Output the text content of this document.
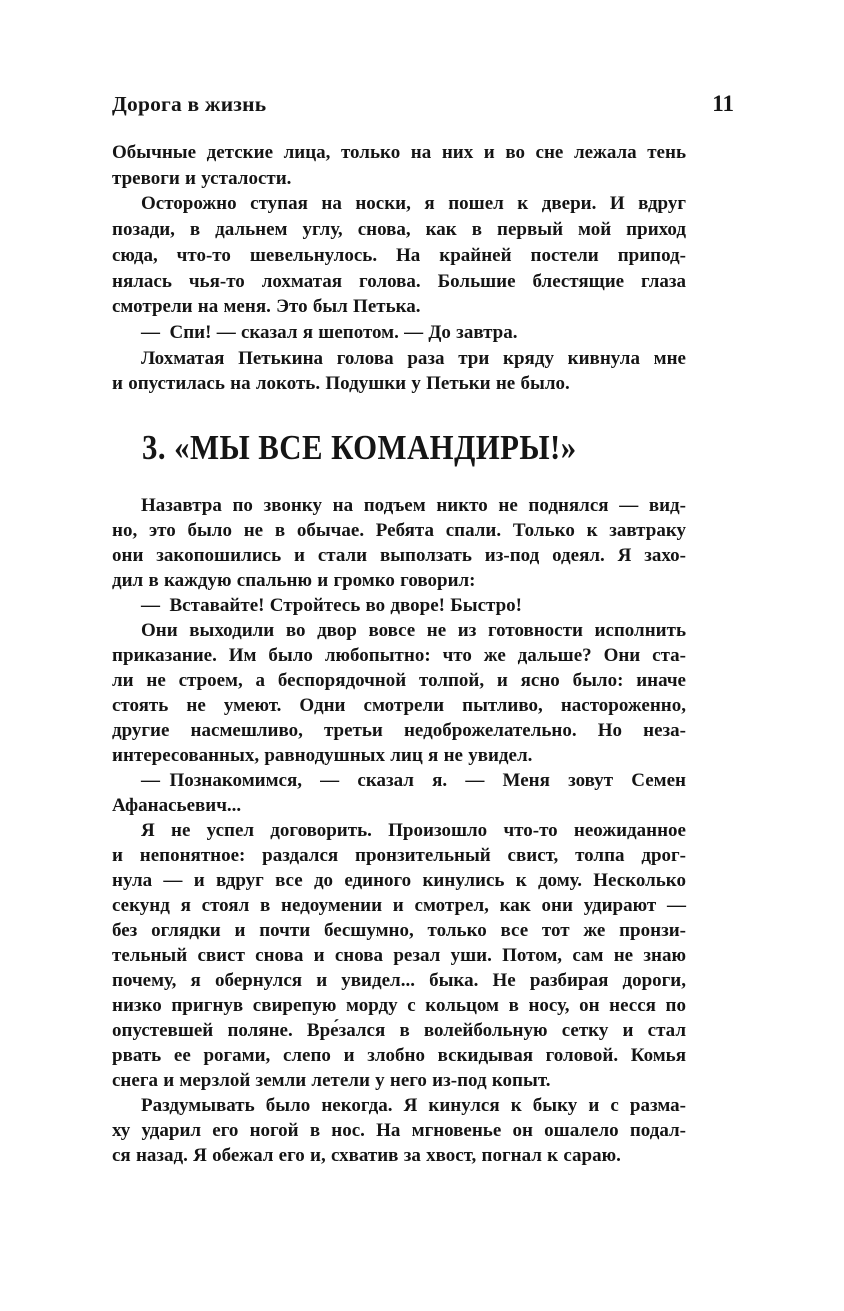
Дорога в жизнь	11
Обычные детские лица, только на них и во сне лежала тень
тревоги и усталости.
Осторожно ступая на носки, я пошел к двери. И вдруг
позади, в дальнем углу, снова, как в первый мой приход
сюда, что-то шевельнулось. На крайней постели припод-
нялась чья-то лохматая голова. Большие блестящие глаза
смотрели на меня. Это был Петька.
— Спи! — сказал я шепотом. — До завтра.
Лохматая Петькина голова раза три кряду кивнула мне
и опустилась на локоть. Подушки у Петьки не было.
3. «МЫ ВСЕ КОМАНДИРЫ!»
Назавтра по звонку на подъем никто не поднялся — вид-
но, это было не в обычае. Ребята спали. Только к завтраку
они закопошились и стали выползать из-под одеял. Я захо-
дил в каждую спальню и громко говорил:
— Вставайте! Стройтесь во дворе! Быстро!
Они выходили во двор вовсе не из готовности исполнить
приказание. Им было любопытно: что же дальше? Они ста-
ли не строем, а беспорядочной толпой, и ясно было: иначе
стоять не умеют. Одни смотрели пытливо, настороженно,
другие насмешливо, третьи недоброжелательно. Но неза-
интересованных, равнодушных лиц я не увидел.
— Познакомимся, — сказал я. — Меня зовут Семен
Афанасьевич...
Я не успел договорить. Произошло что-то неожиданное
и непонятное: раздался пронзительный свист, толпа дрог-
нула — и вдруг все до единого кинулись к дому. Несколько
секунд я стоял в недоумении и смотрел, как они удирают —
без оглядки и почти бесшумно, только все тот же пронзи-
тельный свист снова и снова резал уши. Потом, сам не знаю
почему, я обернулся и увидел... быка. Не разбирая дороги,
низко пригнув свирепую морду с кольцом в носу, он несся по
опустевшей поляне. Вре́зался в волейбольную сетку и стал
рвать ее рогами, слепо и злобно вскидывая головой. Комья
снега и мерзлой земли летели у него из-под копыт.
Раздумывать было некогда. Я кинулся к быку и с разма-
ху ударил его ногой в нос. На мгновенье он ошалело подал-
ся назад. Я обежал его и, схватив за хвост, погнал к сараю.
